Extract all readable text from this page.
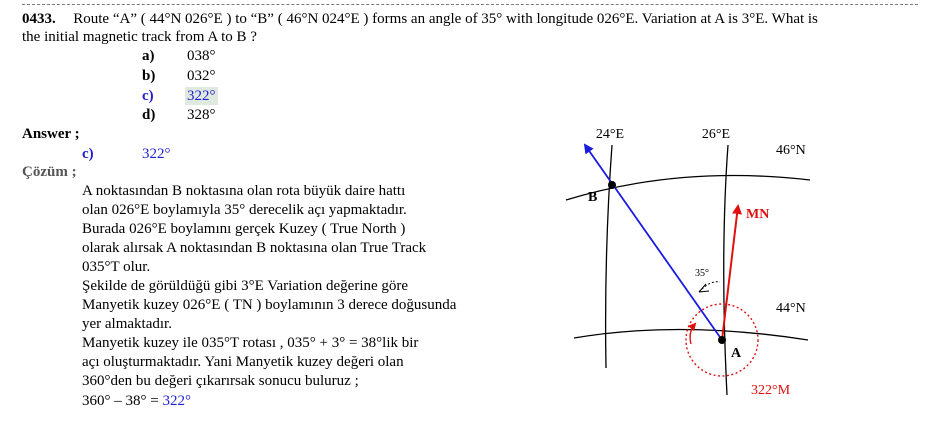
0433. Route “A” ( 44°N 026°E ) to “B” ( 46°N 024°E ) forms an angle of 35° with longitude 026°E. Variation at A is 3°E. What is
the initial magnetic track from A to B ?
a) 038°
b) 032°
c) 322°
d) 328°
Answer ;
c)	322°
Çözüm ;
A noktasından B noktasına olan rota büyük daire hattı
olan 026°E boylamıyla 35° derecelik açı yapmaktadır.
Burada 026°E boylamını gerçek Kuzey ( True North )
olarak alırsak A noktasından B noktasına olan True Track
035°T olur.
Şekilde de görüldüğü gibi 3°E Variation değerine göre
Manyetik kuzey 026°E ( TN ) boylamının 3 derece doğusunda
yer almaktadır.
Manyetik kuzey ile 035°T rotası , 035° + 3° = 38°lik bir
açı oluşturmaktadır. Yani Manyetik kuzey değeri olan
360°den bu değeri çıkarırsak sonucu buluruz ;
360° – 38° = 322°
24°E	26°E
46°N
44°N
B
A
MN
35°
322°M
